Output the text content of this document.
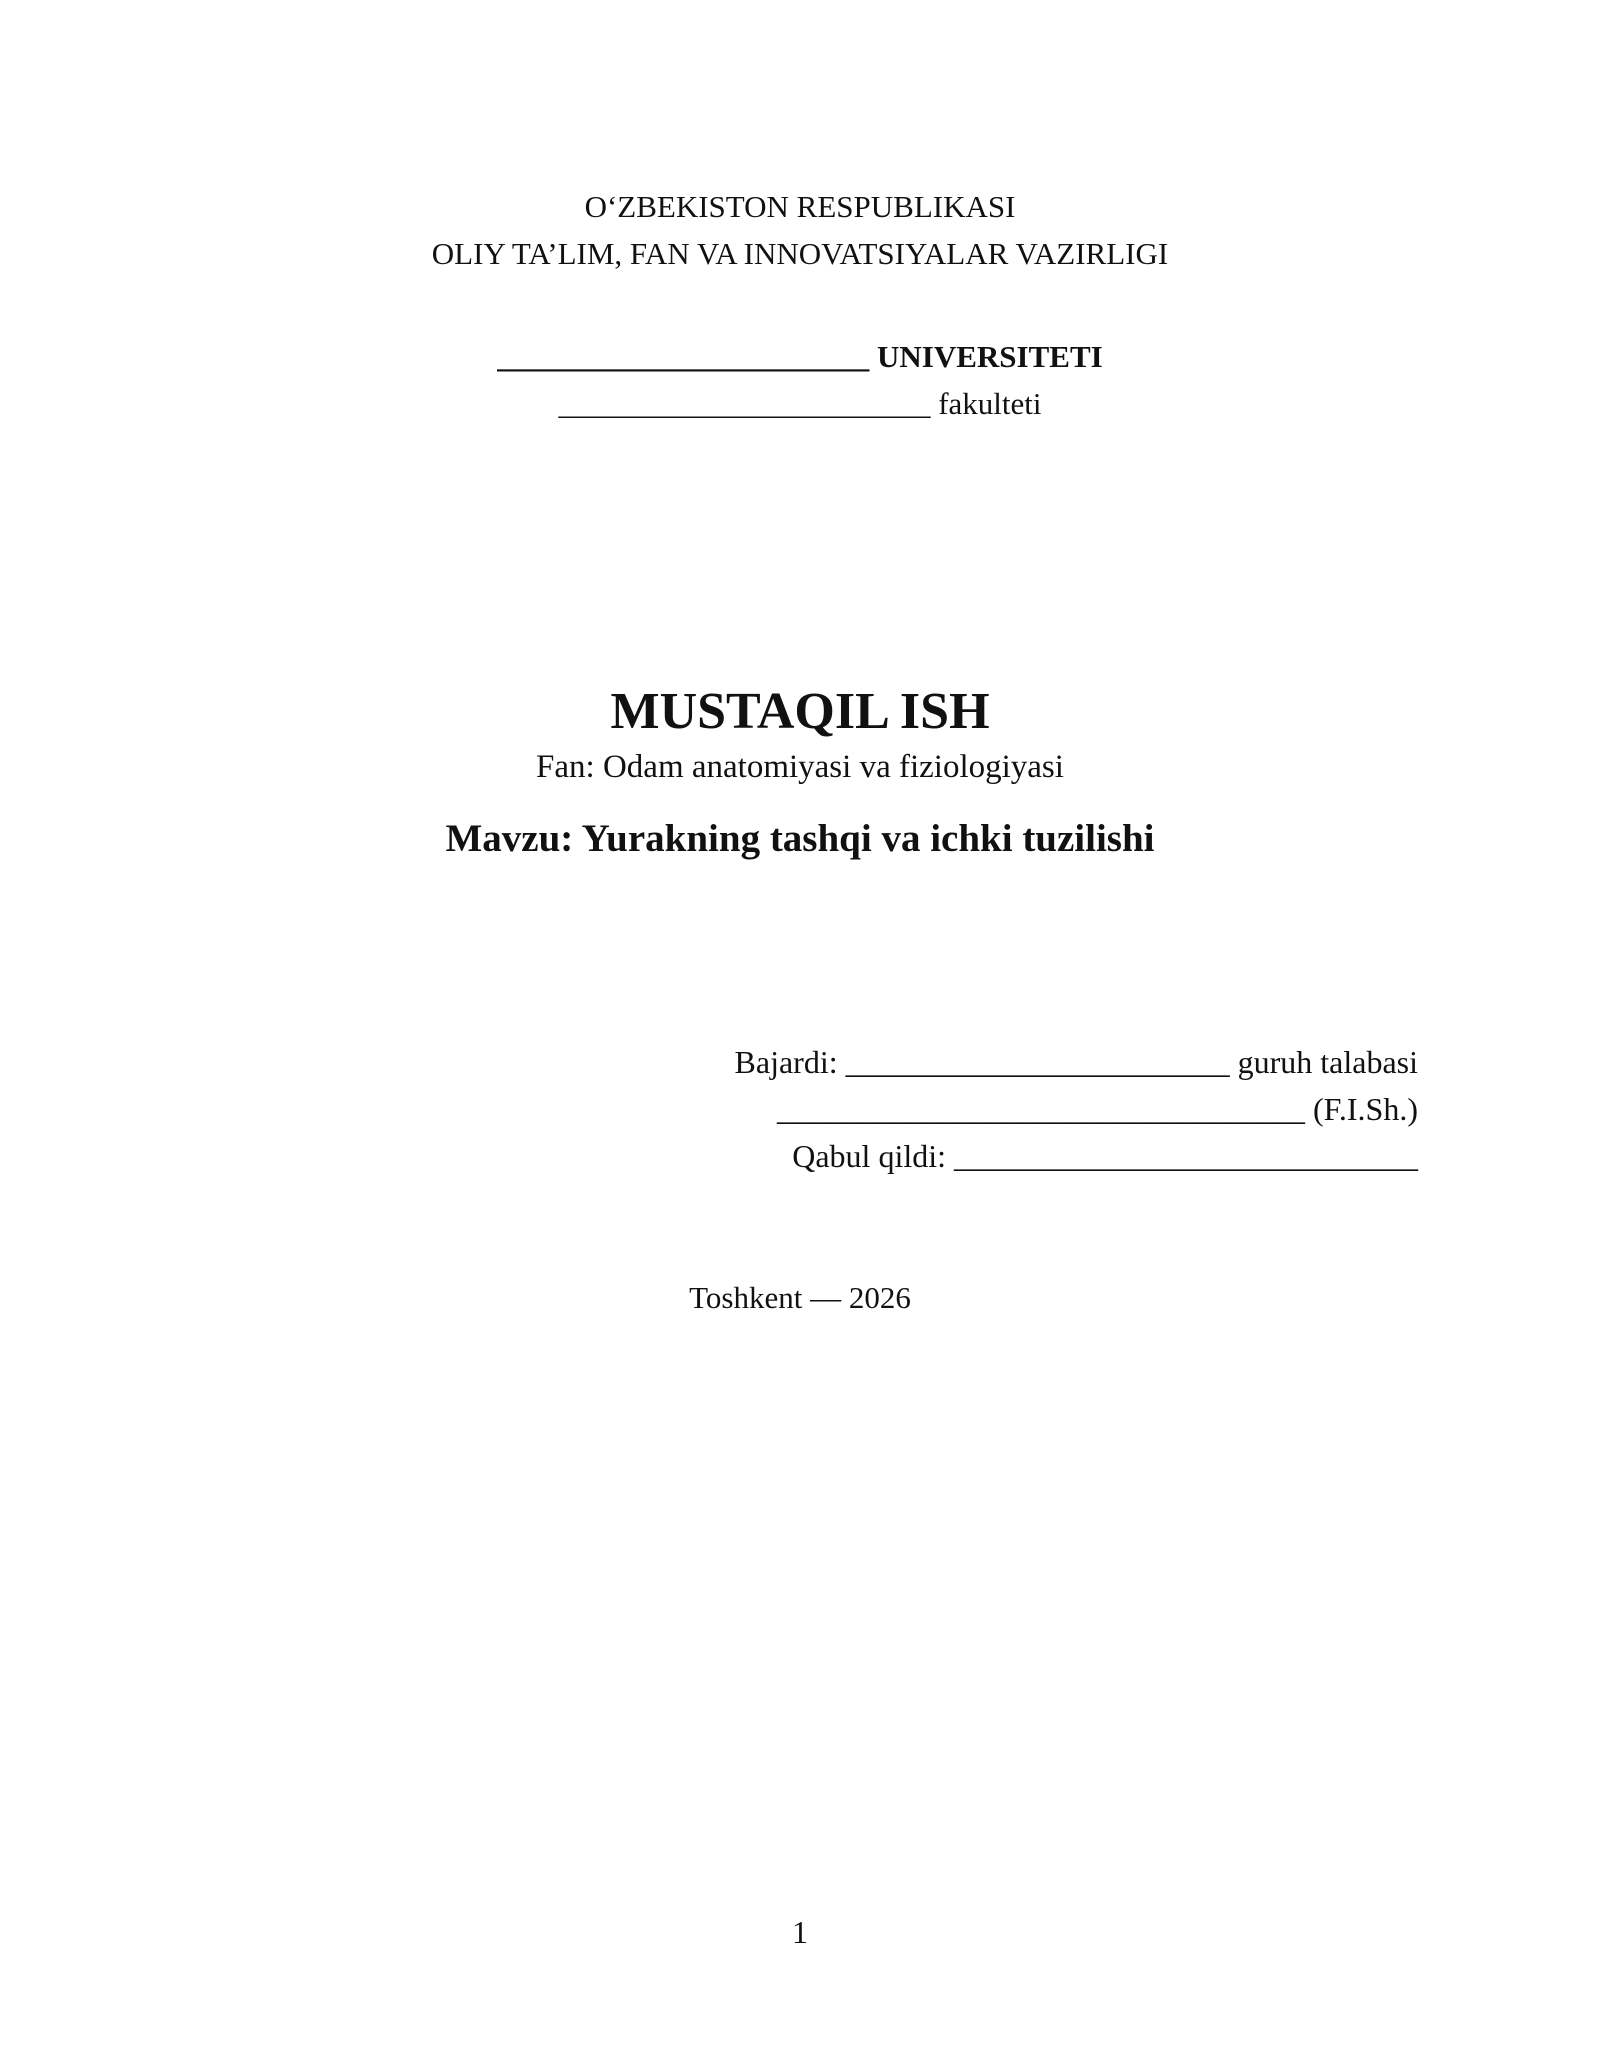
O‘ZBEKISTON RESPUBLIKASI
OLIY TA’LIM, FAN VA INNOVATSIYALAR VAZIRLIGI
________________________ UNIVERSITETI
________________________ fakulteti
MUSTAQIL ISH
Fan: Odam anatomiyasi va fiziologiyasi
Mavzu: Yurakning tashqi va ichki tuzilishi
Bajardi: ________________________ guruh talabasi
_________________________________ (F.I.Sh.)
Qabul qildi: _____________________________
Toshkent — 2026
1
